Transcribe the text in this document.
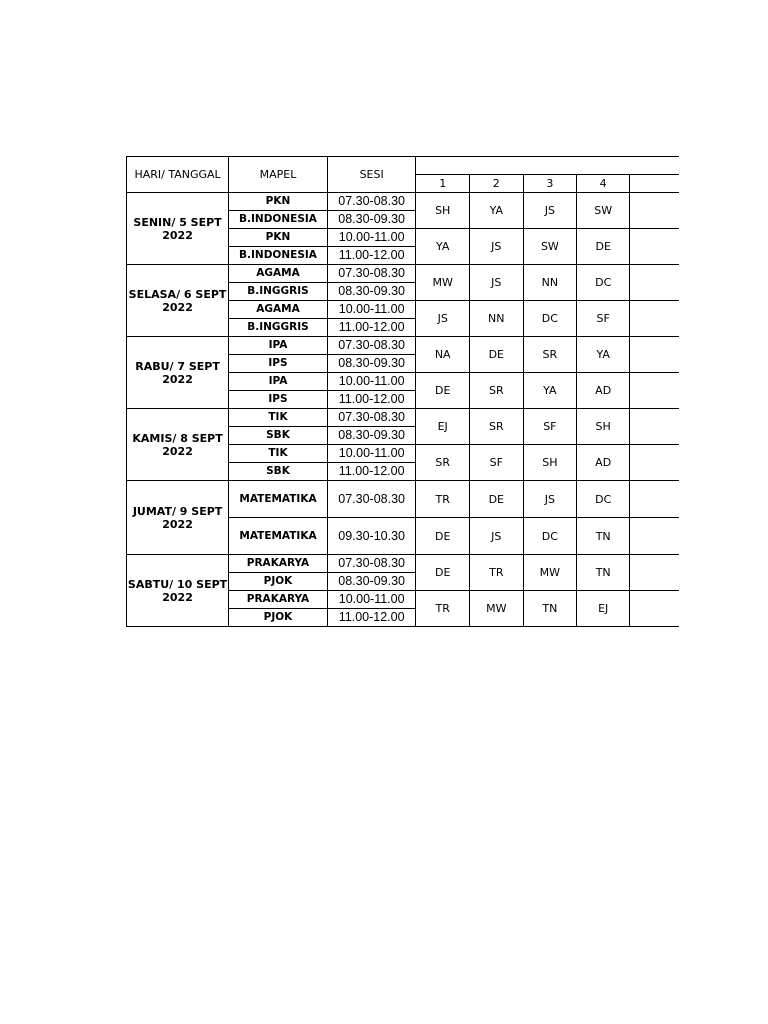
HARI/ TANGGAL	MAPEL	SESI					
			1	2	3	4	
SENIN/ 5 SEPT 2022	PKN	07.30-08.30	SH	YA	JS	SW	
	B.INDONESIA	08.30-09.30					
	PKN	10.00-11.00	YA	JS	SW	DE	
	B.INDONESIA	11.00-12.00					
SELASA/ 6 SEPT 2022	AGAMA	07.30-08.30	MW	JS	NN	DC	
	B.INGGRIS	08.30-09.30					
	AGAMA	10.00-11.00	JS	NN	DC	SF	
	B.INGGRIS	11.00-12.00					
RABU/ 7 SEPT 2022	IPA	07.30-08.30	NA	DE	SR	YA	
	IPS	08.30-09.30					
	IPA	10.00-11.00	DE	SR	YA	AD	
	IPS	11.00-12.00					
KAMIS/ 8 SEPT 2022	TIK	07.30-08.30	EJ	SR	SF	SH	
	SBK	08.30-09.30					
	TIK	10.00-11.00	SR	SF	SH	AD	
	SBK	11.00-12.00					
JUMAT/ 9 SEPT 2022	MATEMATIKA	07.30-08.30	TR	DE	JS	DC	
	MATEMATIKA	09.30-10.30	DE	JS	DC	TN	
SABTU/ 10 SEPT 2022	PRAKARYA	07.30-08.30	DE	TR	MW	TN	
	PJOK	08.30-09.30					
	PRAKARYA	10.00-11.00	TR	MW	TN	EJ	
	PJOK	11.00-12.00					
